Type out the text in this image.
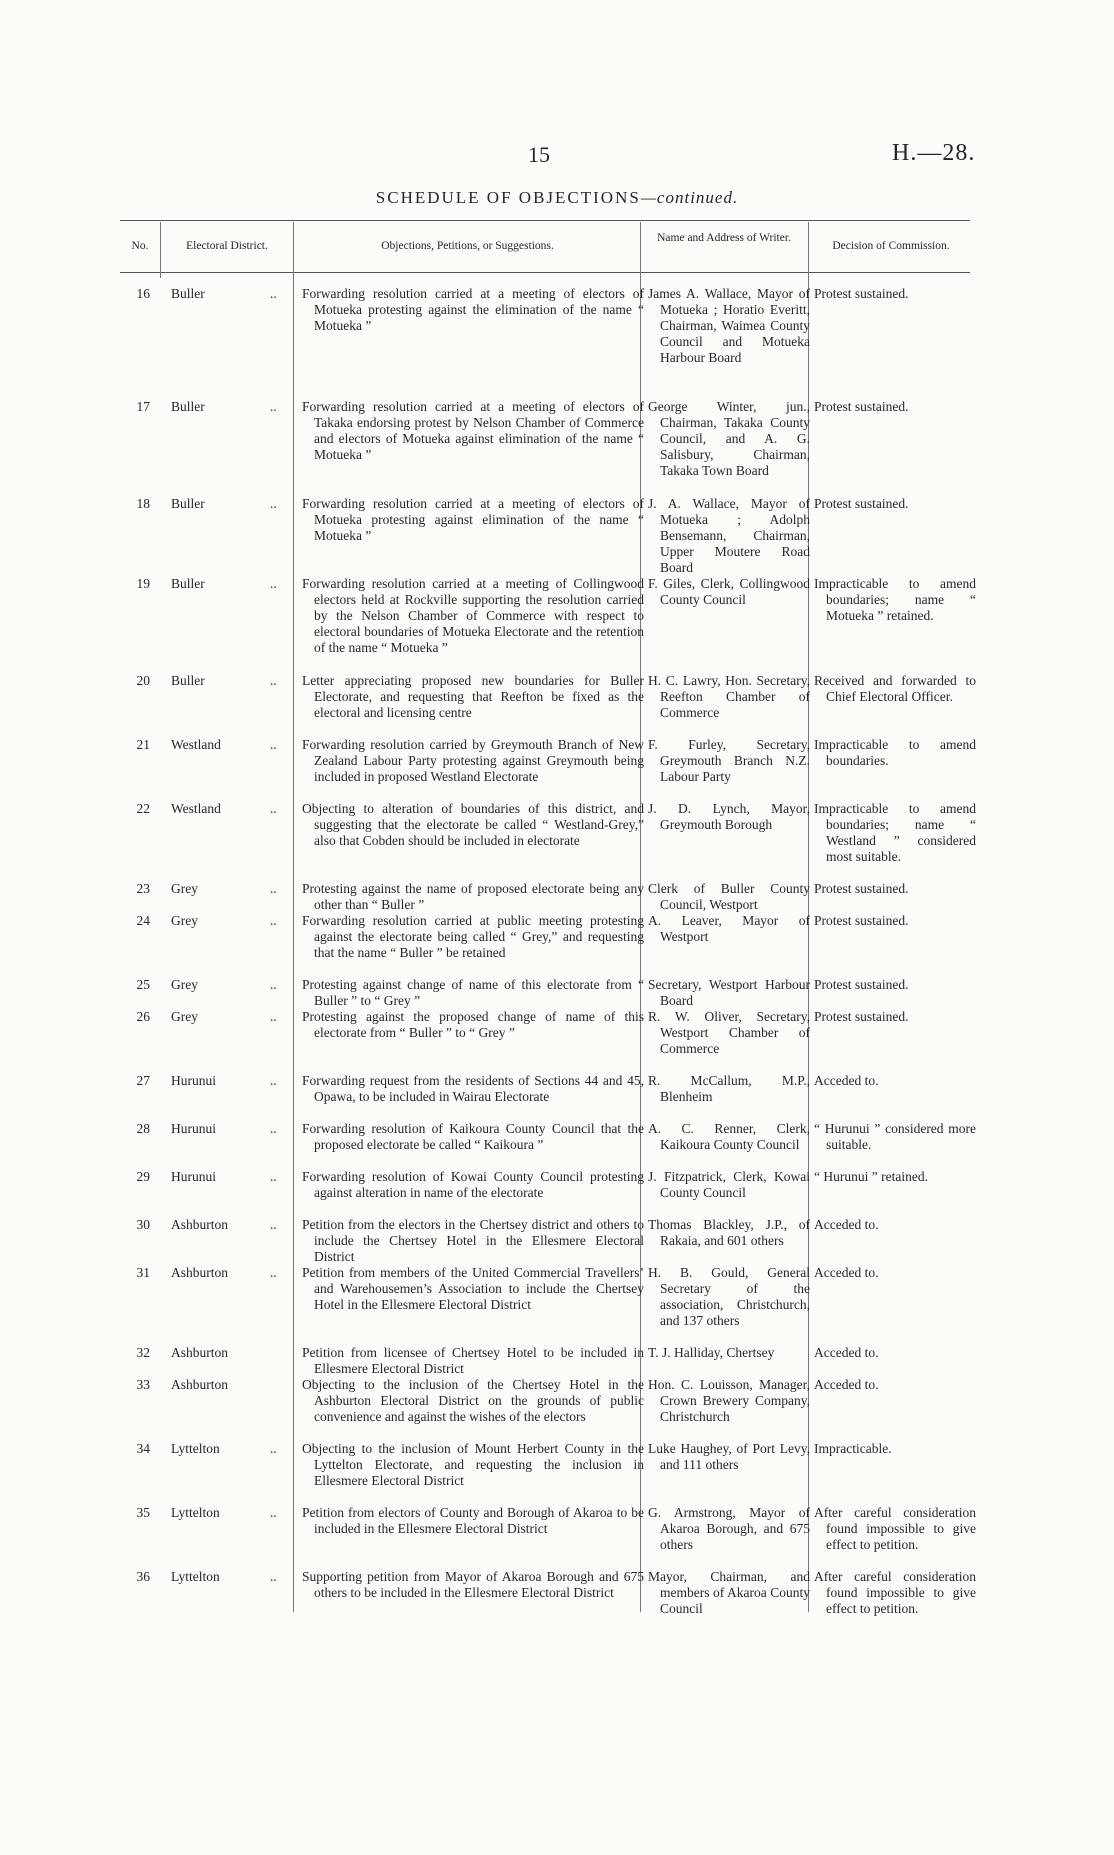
15	H.—28.
SCHEDULE OF OBJECTIONS—continued.
No.	Electoral District.	Objections, Petitions, or Suggestions.
Name and Address of Writer.
Decision of Commission.
16 Buller	..	Forwarding resolution carried at a meeting of electors of Motueka protesting against the elimination of the name “ Motueka ”
James A. Wallace, Mayor of Motueka ; Horatio Everitt, Chairman, Waimea County Council and Motueka Harbour Board
Protest sustained.
17 Buller	..	Forwarding resolution carried at a meeting of electors of Takaka endorsing protest by Nelson Chamber of Commerce and electors of Motueka against elimination of the name “ Motueka ”
George Winter, jun., Chairman, Takaka County Council, and A. G. Salisbury, Chairman, Takaka Town Board
Protest sustained.
18 Buller	..	Forwarding resolution carried at a meeting of electors of Motueka protesting against elimination of the name “ Motueka ”
J. A. Wallace, Mayor of Motueka ; Adolph Bensemann, Chairman, Upper Moutere Road Board
Protest sustained.
19 Buller	..	Forwarding resolution carried at a meeting of Collingwood electors held at Rockville supporting the resolution carried by the Nelson Chamber of Commerce with respect to electoral boundaries of Motueka Electorate and the retention of the name “ Motueka ”
F. Giles, Clerk, Collingwood County Council
Impracticable to amend boundaries; name “ Motueka ” retained.
20 Buller	..	Letter appreciating proposed new boundaries for Buller Electorate, and requesting that Reefton be fixed as the electoral and licensing centre
H. C. Lawry, Hon. Secretary, Reefton Chamber of Commerce
Received and forwarded to Chief Electoral Officer.
21 Westland	..	Forwarding resolution carried by Greymouth Branch of New Zealand Labour Party protesting against Greymouth being included in proposed Westland Electorate
F. Furley, Secretary, Greymouth Branch N.Z. Labour Party
Impracticable to amend boundaries.
22 Westland	..	Objecting to alteration of boundaries of this district, and suggesting that the electorate be called “ Westland-Grey,” also that Cobden should be included in electorate
J. D. Lynch, Mayor, Greymouth Borough
Impracticable to amend boundaries; name “ Westland ” considered most suitable.
23 Grey	..	Protesting against the name of proposed electorate being any other than “ Buller ”
Clerk of Buller County Council, Westport
Protest sustained.
24 Grey	..	Forwarding resolution carried at public meeting protesting against the electorate being called “ Grey,” and requesting that the name “ Buller ” be retained
A. Leaver, Mayor of Westport
Protest sustained.
25 Grey	..	Protesting against change of name of this electorate from “ Buller ” to “ Grey ”
Secretary, Westport Harbour Board
Protest sustained.
26 Grey	..	Protesting against the proposed change of name of this electorate from “ Buller ” to “ Grey ”
R. W. Oliver, Secretary, Westport Chamber of Commerce
Protest sustained.
27 Hurunui	..	Forwarding request from the residents of Sections 44 and 45, Opawa, to be included in Wairau Electorate
R. McCallum, M.P., Blenheim
Acceded to.
28 Hurunui	..	Forwarding resolution of Kaikoura County Council that the proposed electorate be called “ Kaikoura ”
A. C. Renner, Clerk, Kaikoura County Council
“ Hurunui ” considered more suitable.
29 Hurunui	..	Forwarding resolution of Kowai County Council protesting against alteration in name of the electorate
J. Fitzpatrick, Clerk, Kowai County Council
“ Hurunui ” retained.
30 Ashburton	..	Petition from the electors in the Chertsey district and others to include the Chertsey Hotel in the Ellesmere Electoral District
Thomas Blackley, J.P., of Rakaia, and 601 others
Acceded to.
31 Ashburton	..	Petition from members of the United Commercial Travellers’ and Warehousemen’s Association to include the Chertsey Hotel in the Ellesmere Electoral District
H. B. Gould, General Secretary of the association, Christchurch, and 137 others
Acceded to.
32 Ashburton	Petition from licensee of Chertsey Hotel to be included in Ellesmere Electoral District
T. J. Halliday, Chertsey	Acceded to.
33 Ashburton	Objecting to the inclusion of the Chertsey Hotel in the Ashburton Electoral District on the grounds of public convenience and against the wishes of the electors
Hon. C. Louisson, Manager, Crown Brewery Company, Christchurch
Acceded to.
34 Lyttelton	..	Objecting to the inclusion of Mount Herbert County in the Lyttelton Electorate, and requesting the inclusion in Ellesmere Electoral District
Luke Haughey, of Port Levy, and 111 others
Impracticable.
35 Lyttelton	..	Petition from electors of County and Borough of Akaroa to be included in the Ellesmere Electoral District
G. Armstrong, Mayor of Akaroa Borough, and 675 others
After careful consideration found impossible to give effect to petition.
36 Lyttelton	..	Supporting petition from Mayor of Akaroa Borough and 675 others to be included in the Ellesmere Electoral District
Mayor, Chairman, and members of Akaroa County Council
After careful consideration found impossible to give effect to petition.
